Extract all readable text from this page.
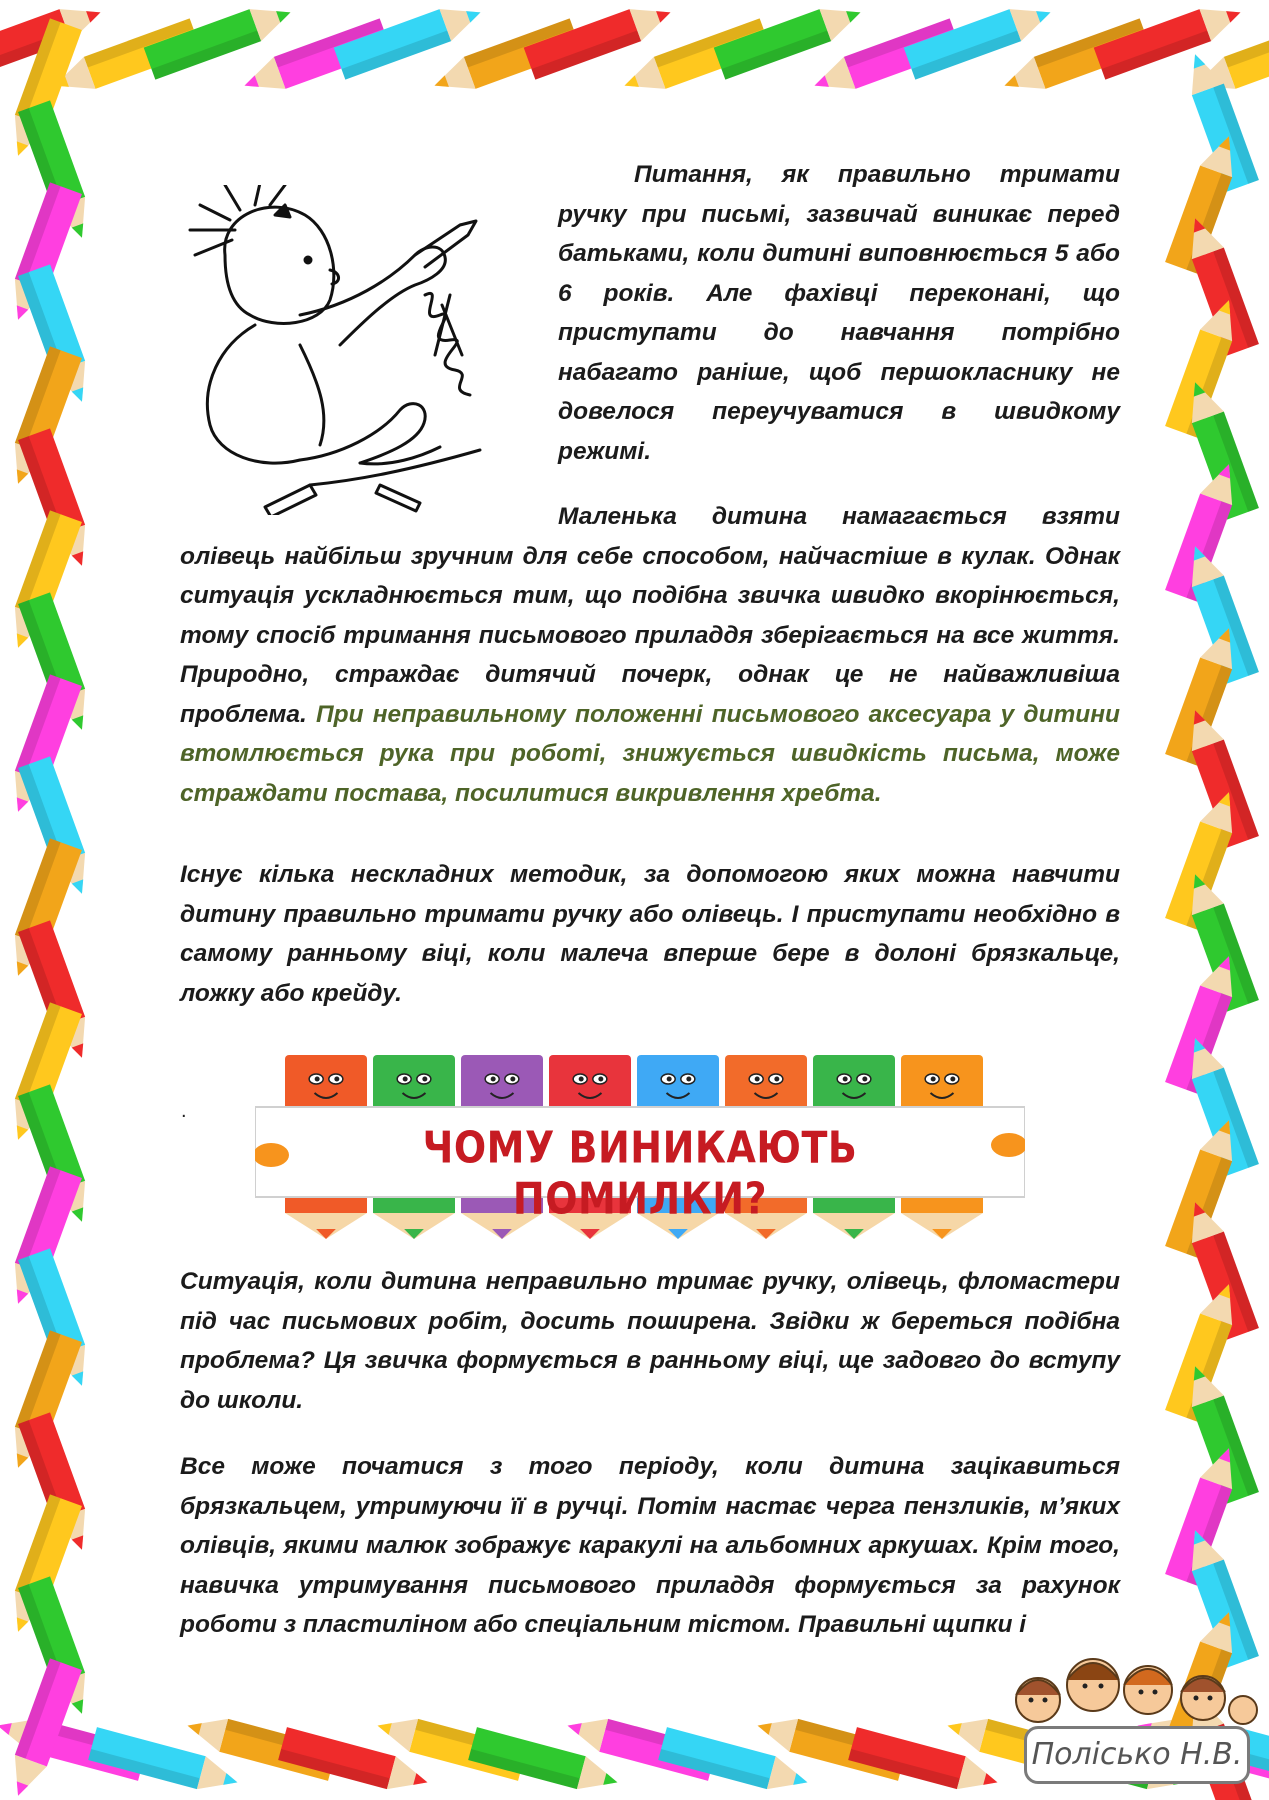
Питання, як правильно тримати ручку при письмі, зазвичай виникає перед батьками, коли дитині виповнюється 5 або 6 років. Але фахівці переконані, що приступати до навчання потрібно набагато раніше, щоб першокласнику не довелося переучуватися в швидкому режимі.

Маленька дитина намагається взяти олівець найбільш зручним для себе способом, найчастіше в кулак. Однак ситуація ускладнюється тим, що подібна звичка швидко вкорінюється, тому спосіб тримання письмового приладдя зберігається на все життя. Природно, страждає дитячий почерк, однак це не найважливіша проблема. При неправильному положенні письмового аксесуара у дитини втомлюється рука при роботі, знижується швидкість письма, може страждати постава, посилитися викривлення хребта.

Існує кілька нескладних методик, за допомогою яких можна навчити дитину правильно тримати ручку або олівець. І приступати необхідно в самому ранньому віці, коли малеча вперше бере в долоні брязкальце, ложку або крейду.

.
ЧОМУ ВИНИКАЮТЬ ПОМИЛКИ?

Ситуація, коли дитина неправильно тримає ручку, олівець, фломастери під час письмових робіт, досить поширена. Звідки ж береться подібна проблема? Ця звичка формується в ранньому віці, ще задовго до вступу до школи.

Все може початися з того періоду, коли дитина зацікавиться брязкальцем, утримуючи її в ручці. Потім настає черга пензликів, м’яких олівців, якими малюк зображує каракулі на альбомних аркушах. Крім того, навичка утримування письмового приладдя формується за рахунок роботи з пластиліном або спеціальним тістом. Правильні щипки і

Полісько Н.В.
